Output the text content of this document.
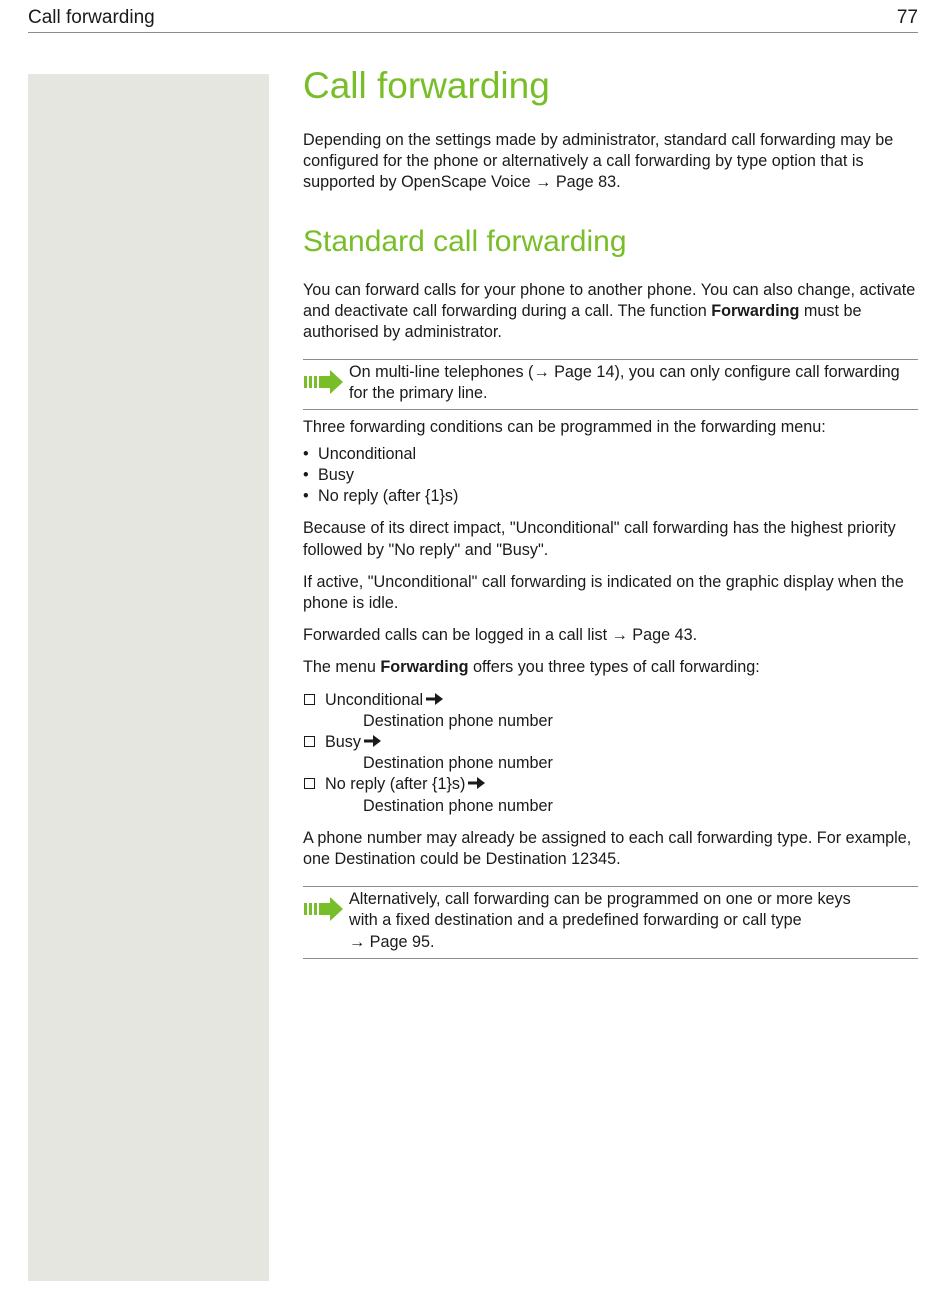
Call forwarding	77
Call forwarding

Depending on the settings made by administrator, standard call forwarding may be configured for the phone or alternatively a call forwarding by type option that is supported by OpenScape Voice → Page 83.

Standard call forwarding

You can forward calls for your phone to another phone. You can also change, activate and deactivate call forwarding during a call. The function Forwarding must be authorised by administrator.

On multi-line telephones (→ Page 14), you can only configure call forwarding for the primary line.

Three forwarding conditions can be programmed in the forwarding menu:

• Unconditional
• Busy
• No reply (after {1}s)

Because of its direct impact, "Unconditional" call forwarding has the highest priority followed by "No reply" and "Busy".

If active, "Unconditional" call forwarding is indicated on the graphic display when the phone is idle.

Forwarded calls can be logged in a call list → Page 43.

The menu Forwarding offers you three types of call forwarding:

Unconditional
Destination phone number
Busy
Destination phone number
No reply (after {1}s)
Destination phone number

A phone number may already be assigned to each call forwarding type. For example, one Destination could be Destination 12345.

Alternatively, call forwarding can be programmed on one or more keys
with a fixed destination and a predefined forwarding or call type
→ Page 95.
